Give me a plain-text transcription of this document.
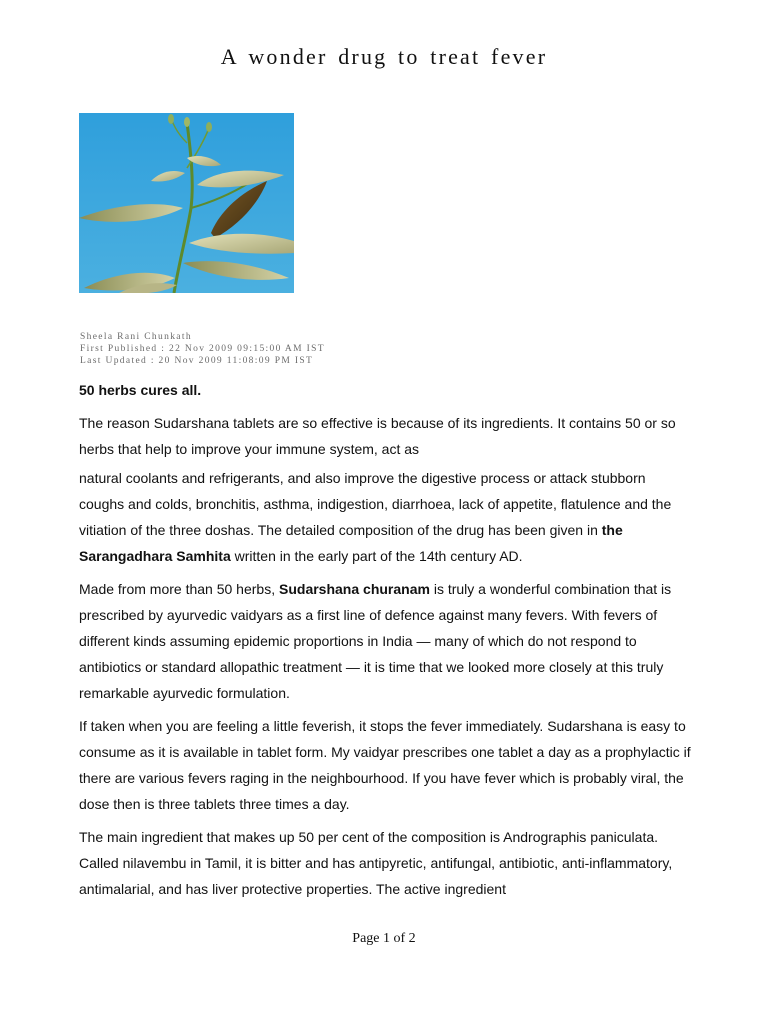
A wonder drug to treat fever
Sheela Rani Chunkath
First Published : 22 Nov 2009 09:15:00 AM IST
Last Updated : 20 Nov 2009 11:08:09 PM IST
50 herbs cures all.

The reason Sudarshana tablets are so effective is because of its ingredients. It contains 50 or so herbs that help to improve your immune system, act as

natural coolants and refrigerants, and also improve the digestive process or attack stubborn coughs and colds, bronchitis, asthma, indigestion, diarrhoea, lack of appetite, flatulence and the vitiation of the three doshas. The detailed composition of the drug has been given in the Sarangadhara Samhita written in the early part of the 14th century AD.

Made from more than 50 herbs, Sudarshana churanam is truly a wonderful combination that is prescribed by ayurvedic vaidyars as a first line of defence against many fevers. With fevers of different kinds assuming epidemic proportions in India — many of which do not respond to antibiotics or standard allopathic treatment — it is time that we looked more closely at this truly remarkable ayurvedic formulation.

If taken when you are feeling a little feverish, it stops the fever immediately. Sudarshana is easy to consume as it is available in tablet form. My vaidyar prescribes one tablet a day as a prophylactic if there are various fevers raging in the neighbourhood. If you have fever which is probably viral, the dose then is three tablets three times a day.

The main ingredient that makes up 50 per cent of the composition is Andrographis paniculata. Called nilavembu in Tamil, it is bitter and has antipyretic, antifungal, antibiotic, anti-inflammatory, antimalarial, and has liver protective properties. The active ingredient

Page 1 of 2
